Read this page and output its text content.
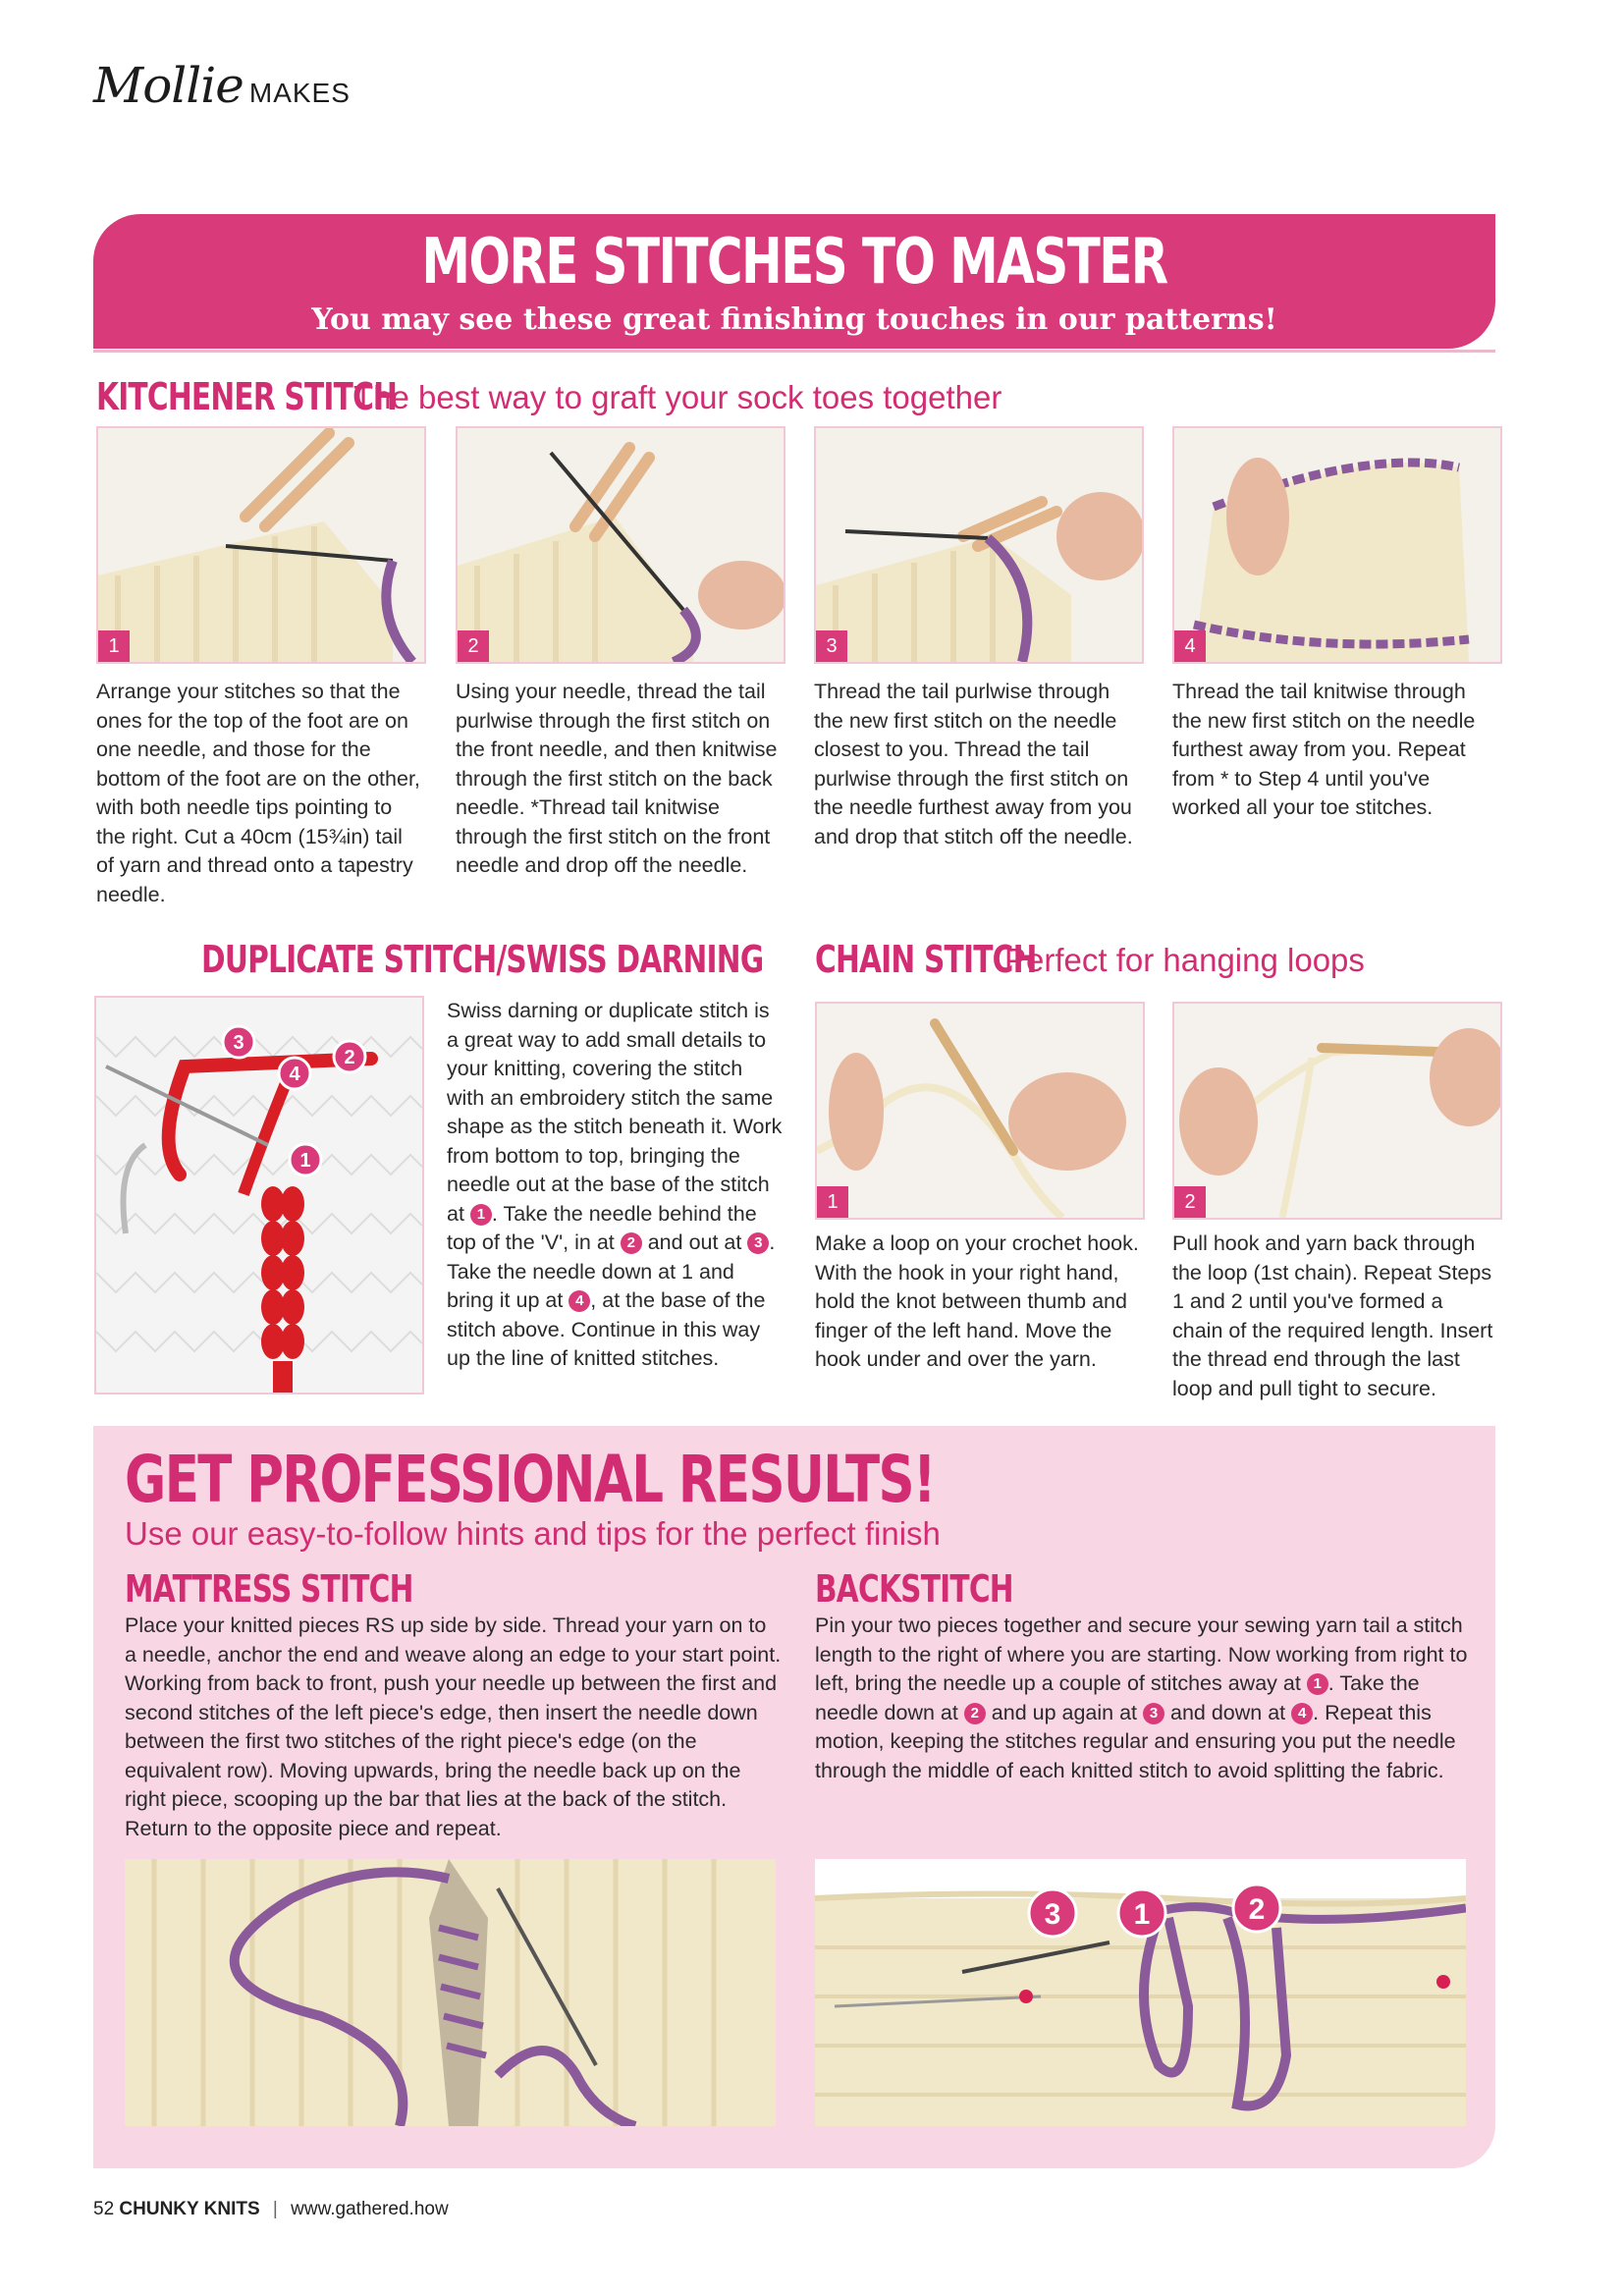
Mollie MAKES
MORE STITCHES TO MASTER
You may see these great finishing touches in our patterns!
KITCHENER STITCH
The best way to graft your sock toes together
1	2	3	4
Arrange your stitches so that the ones for the top of the foot are on one needle, and those for the bottom of the foot are on the other, with both needle tips pointing to the right. Cut a 40cm (15¾in) tail of yarn and thread onto a tapestry needle.
Using your needle, thread the tail purlwise through the first stitch on the front needle, and then knitwise through the first stitch on the back needle. *Thread tail knitwise through the first stitch on the front needle and drop off the needle.
Thread the tail purlwise through the new first stitch on the needle closest to you. Thread the tail purlwise through the first stitch on the needle furthest away from you and drop that stitch off the needle.
Thread the tail knitwise through the new first stitch on the needle furthest away from you. Repeat from * to Step 4 until you've worked all your toe stitches.
DUPLICATE STITCH/SWISS DARNING
3
4
2
1
Swiss darning or duplicate stitch is a great way to add small details to your knitting, covering the stitch with an embroidery stitch the same shape as the stitch beneath it. Work from bottom to top, bringing the needle out at the base of the stitch at 1 . Take the needle behind the top of the 'V', in at 2 and out at 3 . Take the needle down at 1 and bring it up at 4 , at the base of the stitch above. Continue in this way up the line of knitted stitches.
CHAIN STITCH
Perfect for hanging loops
1	2
Make a loop on your crochet hook. With the hook in your right hand, hold the knot between thumb and finger of the left hand. Move the hook under and over the yarn.
Pull hook and yarn back through the loop (1st chain). Repeat Steps 1 and 2 until you've formed a chain of the required length. Insert the thread end through the last loop and pull tight to secure.
GET PROFESSIONAL RESULTS!
Use our easy-to-follow hints and tips for the perfect finish
MATTRESS STITCH
Place your knitted pieces RS up side by side. Thread your yarn on to a needle, anchor the end and weave along an edge to your start point. Working from back to front, push your needle up between the first and second stitches of the left piece's edge, then insert the needle down between the first two stitches of the right piece's edge (on the equivalent row). Moving upwards, bring the needle back up on the right piece, scooping up the bar that lies at the back of the stitch. Return to the opposite piece and repeat.
BACKSTITCH
Pin your two pieces together and secure your sewing yarn tail a stitch length to the right of where you are starting. Now working from right to left, bring the needle up a couple of stitches away at 1 . Take the needle down at 2 and up again at 3 and down at 4 . Repeat this motion, keeping the stitches regular and ensuring you put the needle through the middle of each knitted stitch to avoid splitting the fabric.
3 1	2
52 CHUNKY KNITS | www.gathered.how
